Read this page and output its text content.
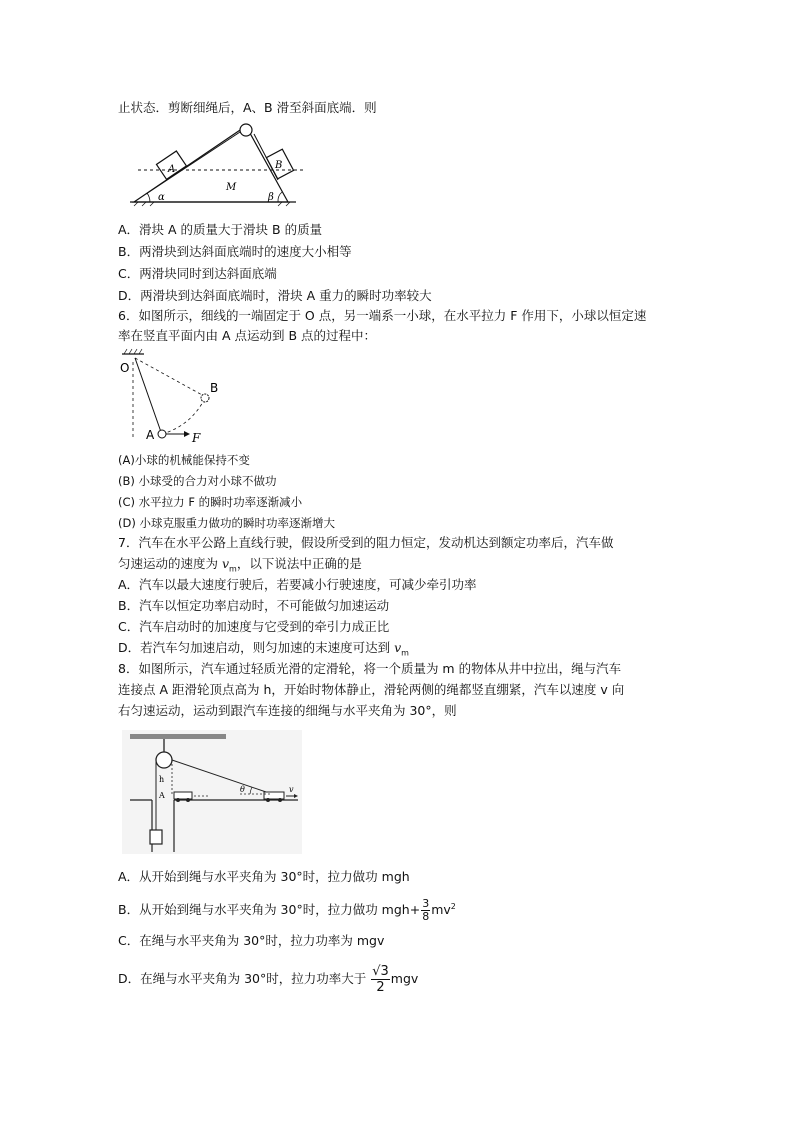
止状态．剪断细绳后，A、B 滑至斜面底端．则
A	B
M
α	β
A．滑块 A 的质量大于滑块 B 的质量
B．两滑块到达斜面底端时的速度大小相等
C．两滑块同时到达斜面底端
D．两滑块到达斜面底端时，滑块 A 重力的瞬时功率较大
6．如图所示，细线的一端固定于 O 点，另一端系一小球，在水平拉力 F 作用下，小球以恒定速
率在竖直平面内由 A 点运动到 B 点的过程中：
O
A
B
F
(A)小球的机械能保持不变
(B) 小球受的合力对小球不做功
(C) 水平拉力 F 的瞬时功率逐渐减小
(D) 小球克服重力做功的瞬时功率逐渐增大
7．汽车在水平公路上直线行驶，假设所受到的阻力恒定，发动机达到额定功率后，汽车做
匀速运动的速度为 $v_m$，以下说法中正确的是
A．汽车以最大速度行驶后，若要减小行驶速度，可减少牵引功率
B．汽车以恒定功率启动时，不可能做匀加速运动
C．汽车启动时的加速度与它受到的牵引力成正比
D．若汽车匀加速启动，则匀加速的末速度可达到 $v_m$
8．如图所示，汽车通过轻质光滑的定滑轮，将一个质量为 m 的物体从井中拉出，绳与汽车
连接点 A 距滑轮顶点高为 h，开始时物体静止，滑轮两侧的绳都竖直绷紧，汽车以速度 v 向
右匀速运动，运动到跟汽车连接的细绳与水平夹角为 30°，则
h
A
θ	v
A．从开始到绳与水平夹角为 30°时，拉力做功 mgh
B．从开始到绳与水平夹角为 30°时，拉力做功 $mgh+ \frac{3}{8} mv^2$
C．在绳与水平夹角为 30°时，拉力功率为 mgv
D．在绳与水平夹角为 30°时，拉力功率大于 $\frac{√3}{2}$ mgv
